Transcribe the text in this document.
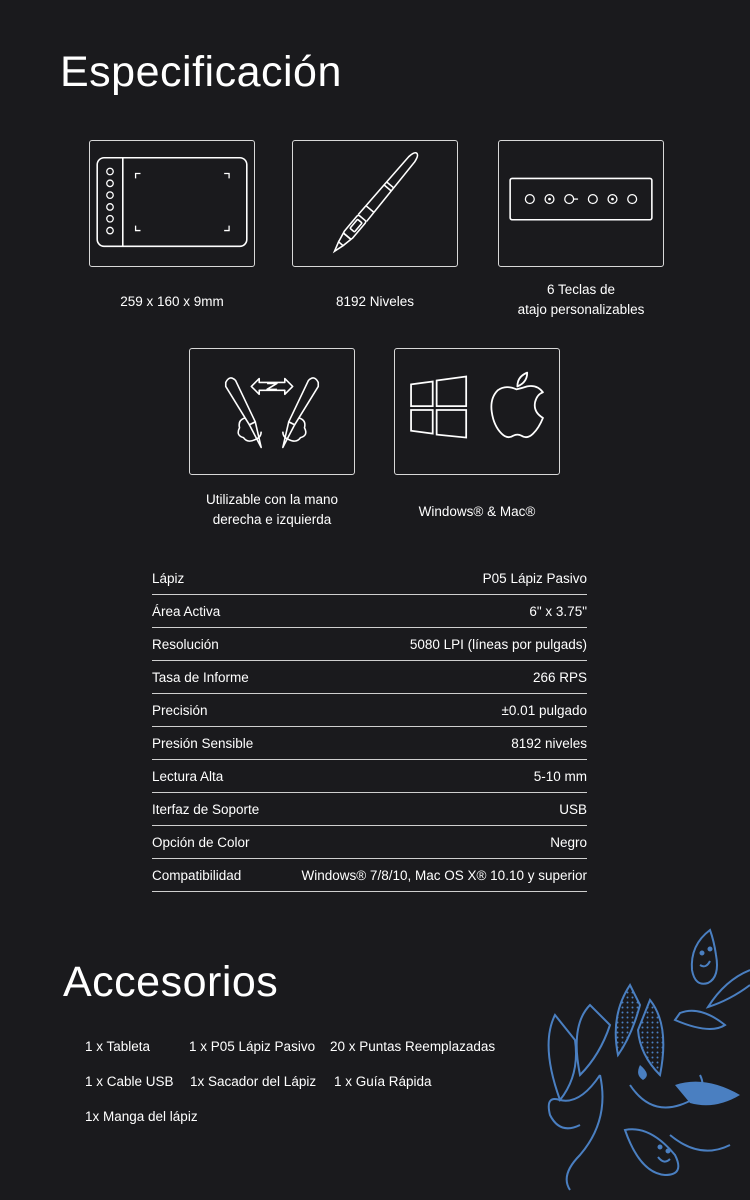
Especificación
259 x 160 x 9mm	8192 Niveles
6 Teclas de
atajo personalizables
Utilizable con la mano
derecha e izquierda
Windows® & Mac®
Lápiz	P05 Lápiz Pasivo
Área Activa	6" x 3.75"
Resolución	5080 LPI (líneas por pulgads)
Tasa de Informe	266 RPS
Precisión	±0.01 pulgado
Presión Sensible	8192 niveles
Lectura Alta	5-10 mm
Iterfaz de Soporte	USB
Opción de Color	Negro
Compatibilidad	Windows® 7/8/10, Mac OS X® 10.10 y superior
Accesorios
1 x Tableta	1 x P05 Lápiz Pasivo 20 x Puntas Reemplazadas
1 x Cable USB 1x Sacador del Lápiz 1 x Guía Rápida
1x Manga del lápiz
